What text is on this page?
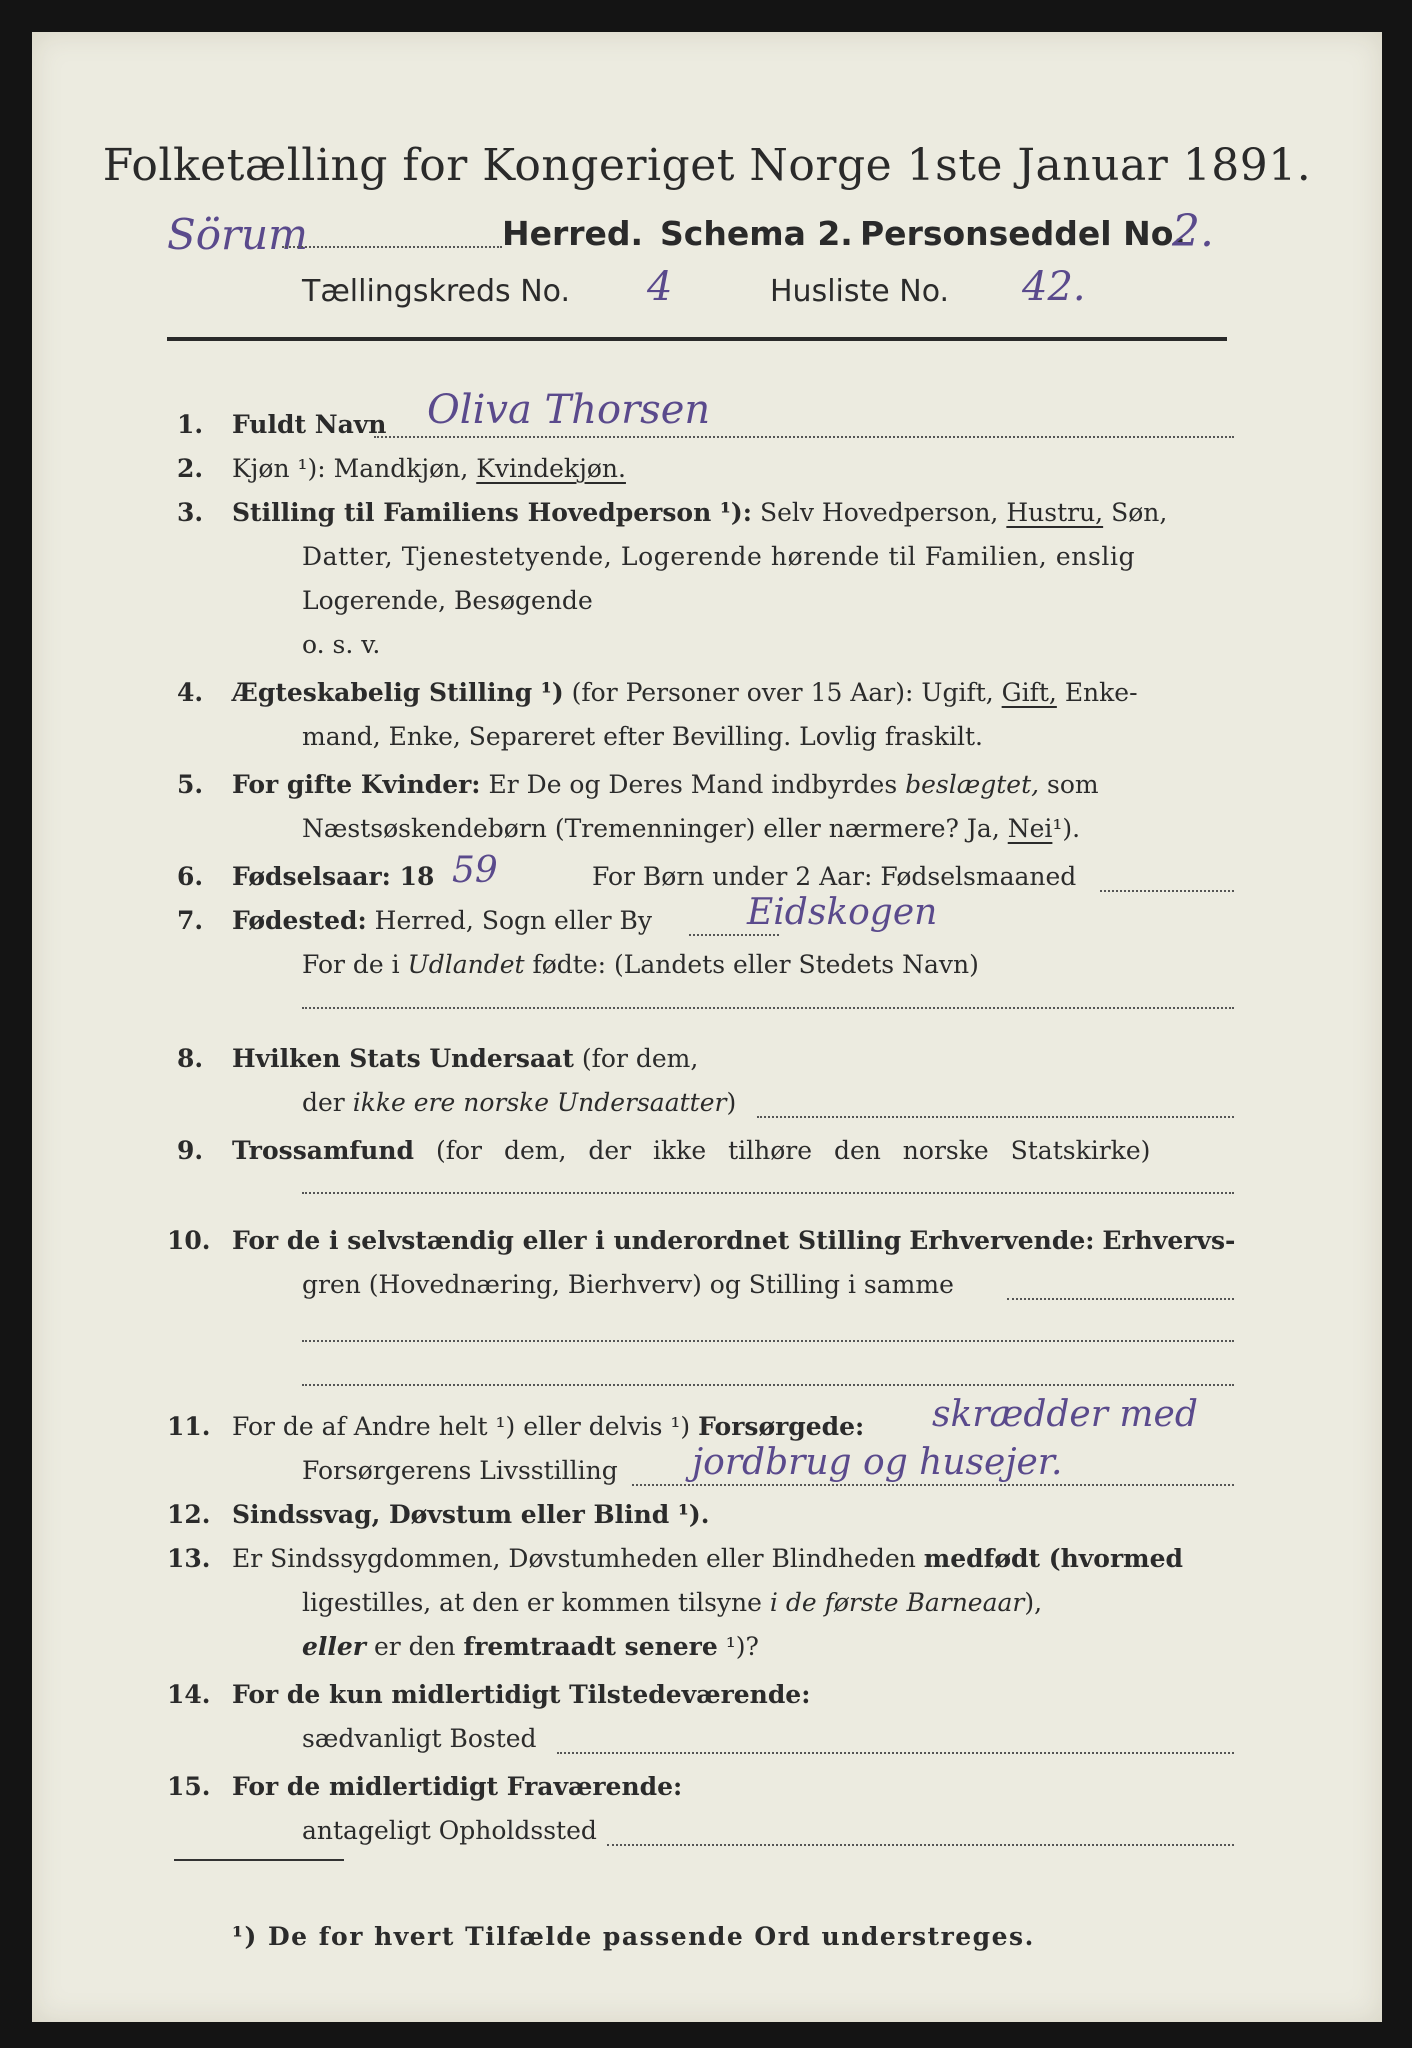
Folketælling for Kongeriget Norge 1ste Januar 1891.
Sörum	Herred. Schema 2. Personseddel No.
2.
Tællingskreds No. 4	Husliste No. 42.
1. Fuldt Navn Oliva Thorsen
2. Kjøn ¹): Mandkjøn, Kvindekjøn.
3. Stilling til Familiens Hovedperson ¹): Selv Hovedperson, Hustru, Søn,
Datter, Tjenestetyende, Logerende hørende til Familien, enslig
Logerende, Besøgende
o. s. v.
4. Ægteskabelig Stilling ¹) (for Personer over 15 Aar): Ugift, Gift, Enke-
mand, Enke, Separeret efter Bevilling. Lovlig fraskilt.
5. For gifte Kvinder: Er De og Deres Mand indbyrdes beslægtet, som
Næstsøskendebørn (Tremenninger) eller nærmere? Ja, Nei¹).
6. Fødselsaar: 18 59	For Børn under 2 Aar: Fødselsmaaned
7. Fødested: Herred, Sogn eller By	Eidskogen
For de i Udlandet fødte: (Landets eller Stedets Navn)
8. Hvilken Stats Undersaat (for dem,
der ikke ere norske Undersaatter)
9. Trossamfund (for dem, der ikke tilhøre den norske Statskirke)
10. For de i selvstændig eller i underordnet Stilling Erhvervende: Erhvervs-
gren (Hovednæring, Bierhverv) og Stilling i samme
11. For de af Andre helt ¹) eller delvis ¹) Forsørgede: skrædder med
Forsørgerens Livsstilling jordbrug og husejer.
12. Sindssvag, Døvstum eller Blind ¹).
13. Er Sindssygdommen, Døvstumheden eller Blindheden medfødt (hvormed
ligestilles, at den er kommen tilsyne i de første Barneaar),
eller er den fremtraadt senere ¹)?
14. For de kun midlertidigt Tilstedeværende:
sædvanligt Bosted
15. For de midlertidigt Fraværende:
antageligt Opholdssted
¹) De for hvert Tilfælde passende Ord understreges.
